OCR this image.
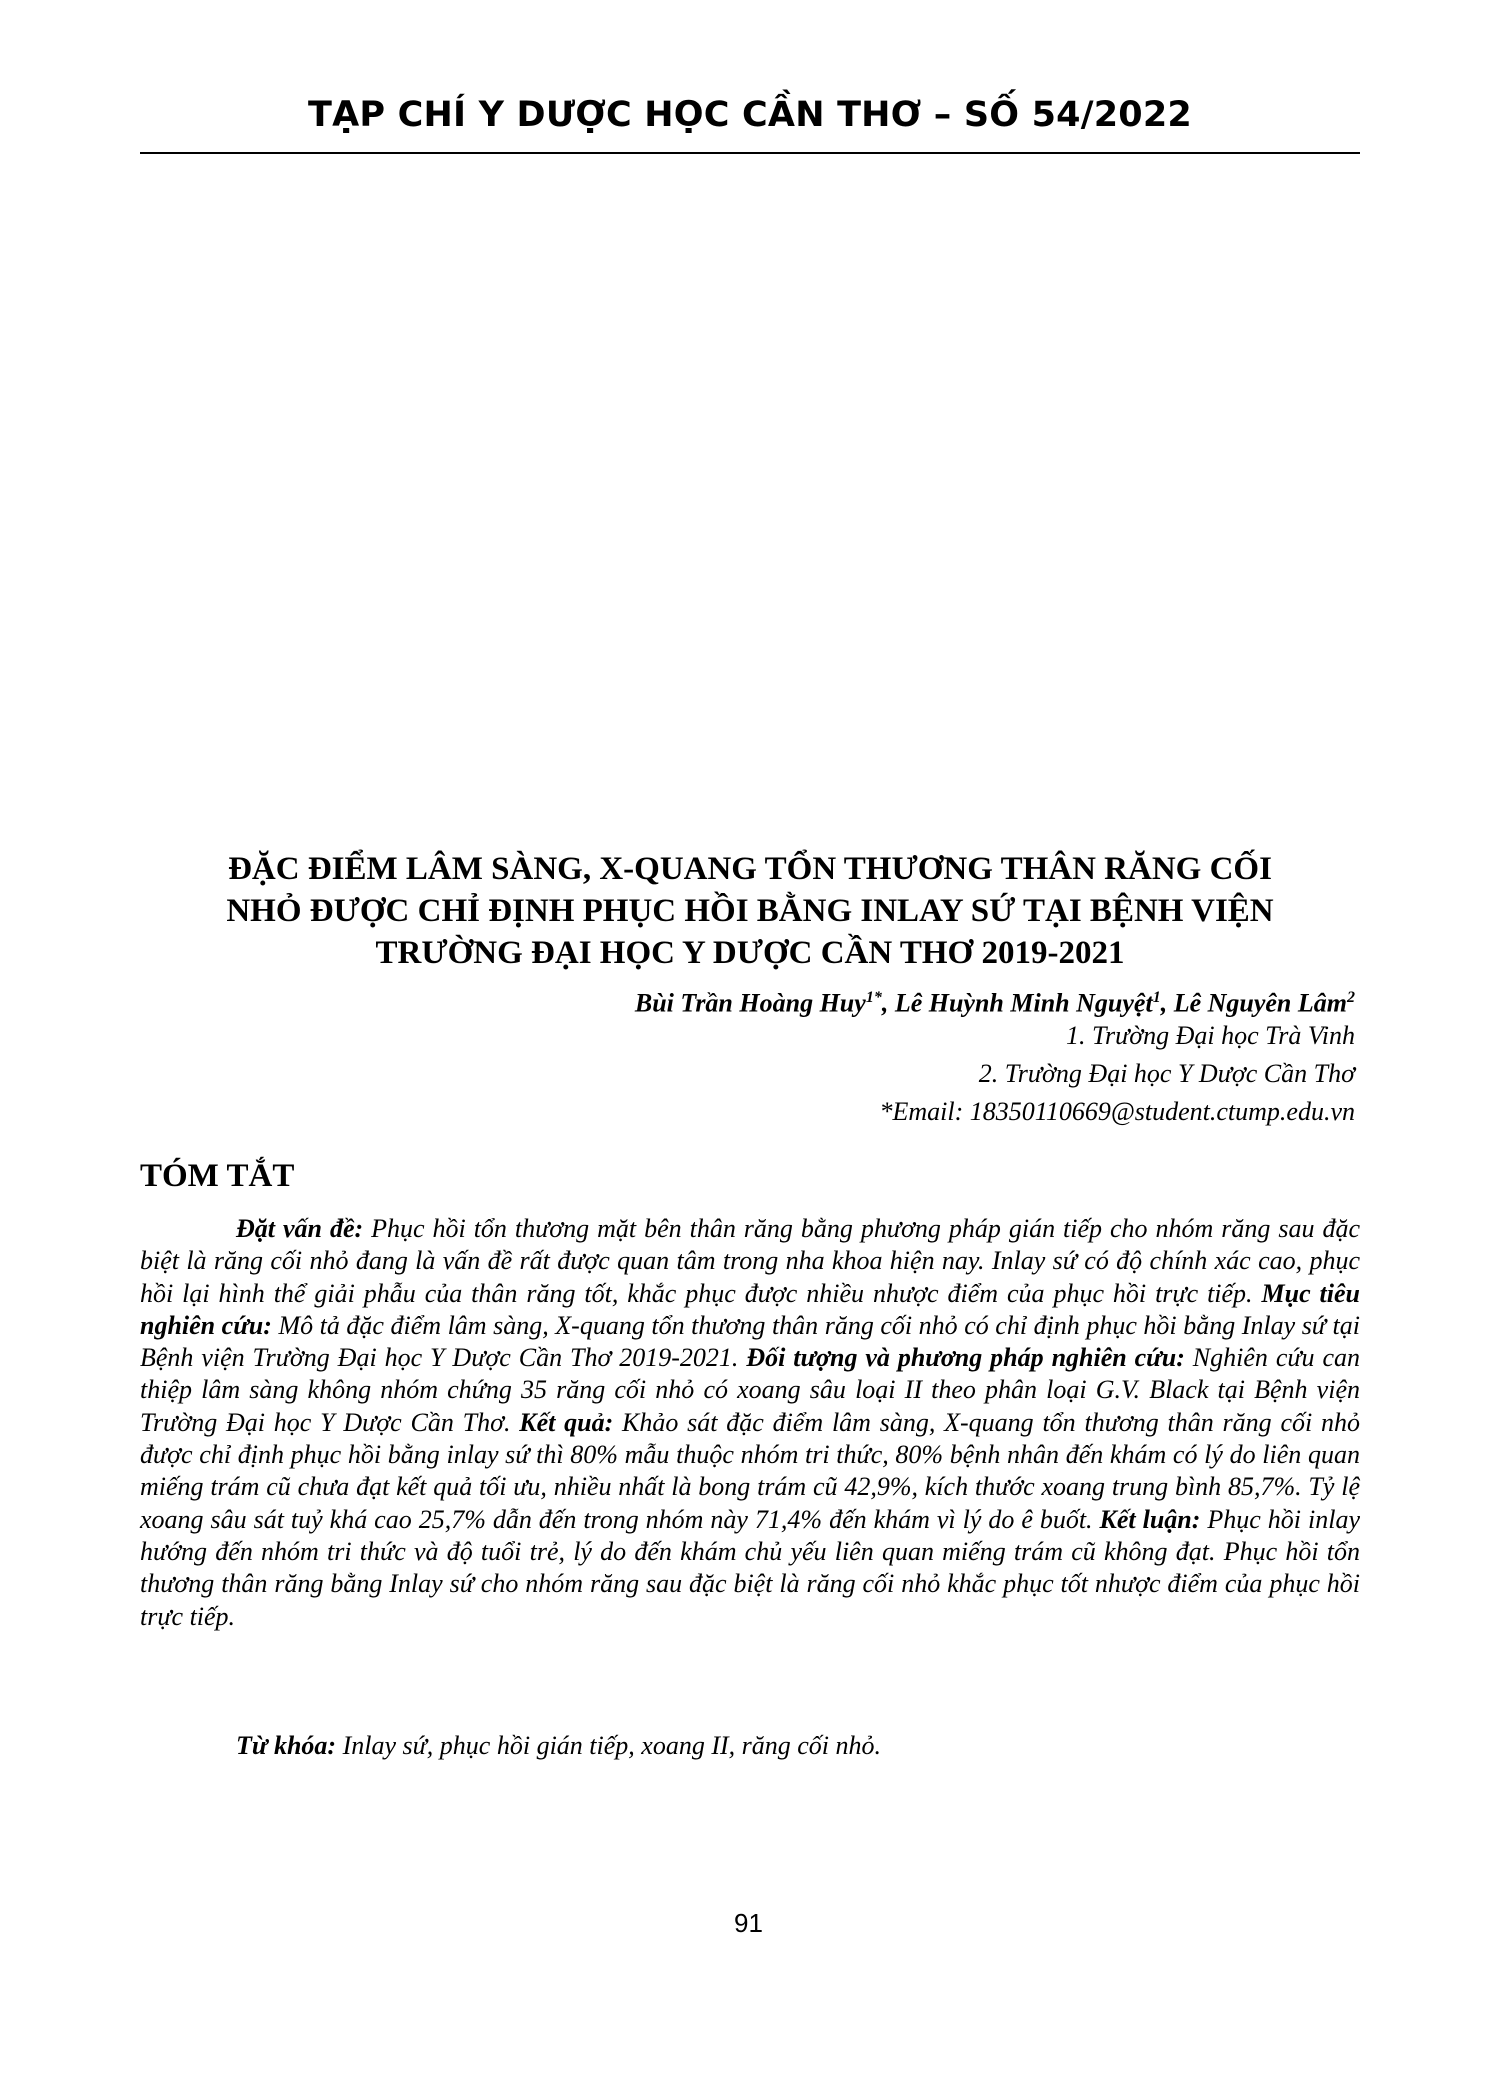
TẠP CHÍ Y DƯỢC HỌC CẦN THƠ – SỐ 54/2022
ĐẶC ĐIỂM LÂM SÀNG, X-QUANG TỔN THƯƠNG THÂN RĂNG CỐI
NHỎ ĐƯỢC CHỈ ĐỊNH PHỤC HỒI BẰNG INLAY SỨ TẠI BỆNH VIỆN
TRƯỜNG ĐẠI HỌC Y DƯỢC CẦN THƠ 2019-2021
Bùi Trần Hoàng Huy$^{1*}$, Lê Huỳnh Minh Nguyệt$^1$, Lê Nguyên Lâm$^2$
1. Trường Đại học Trà Vinh
2. Trường Đại học Y Dược Cần Thơ
*Email: 18350110669@student.ctump.edu.vn
TÓM TẮT

Đặt vấn đề: Phục hồi tổn thương mặt bên thân răng bằng phương pháp gián tiếp cho nhóm răng sau đặc biệt là răng cối nhỏ đang là vấn đề rất được quan tâm trong nha khoa hiện nay. Inlay sứ có độ chính xác cao, phục hồi lại hình thể giải phẫu của thân răng tốt, khắc phục được nhiều nhược điểm của phục hồi trực tiếp. Mục tiêu nghiên cứu: Mô tả đặc điểm lâm sàng, X-quang tổn thương thân răng cối nhỏ có chỉ định phục hồi bằng Inlay sứ tại Bệnh viện Trường Đại học Y Dược Cần Thơ 2019-2021. Đối tượng và phương pháp nghiên cứu: Nghiên cứu can thiệp lâm sàng không nhóm chứng 35 răng cối nhỏ có xoang sâu loại II theo phân loại G.V. Black tại Bệnh viện Trường Đại học Y Dược Cần Thơ. Kết quả: Khảo sát đặc điểm lâm sàng, X-quang tổn thương thân răng cối nhỏ được chỉ định phục hồi bằng inlay sứ thì 80% mẫu thuộc nhóm tri thức, 80% bệnh nhân đến khám có lý do liên quan miếng trám cũ chưa đạt kết quả tối ưu, nhiều nhất là bong trám cũ 42,9%, kích thước xoang trung bình 85,7%. Tỷ lệ xoang sâu sát tuỷ khá cao 25,7% dẫn đến trong nhóm này 71,4% đến khám vì lý do ê buốt. Kết luận: Phục hồi inlay hướng đến nhóm tri thức và độ tuổi trẻ, lý do đến khám chủ yếu liên quan miếng trám cũ không đạt. Phục hồi tổn thương thân răng bằng Inlay sứ cho nhóm răng sau đặc biệt là răng cối nhỏ khắc phục tốt nhược điểm của phục hồi trực tiếp.

Từ khóa: Inlay sứ, phục hồi gián tiếp, xoang II, răng cối nhỏ.

91
